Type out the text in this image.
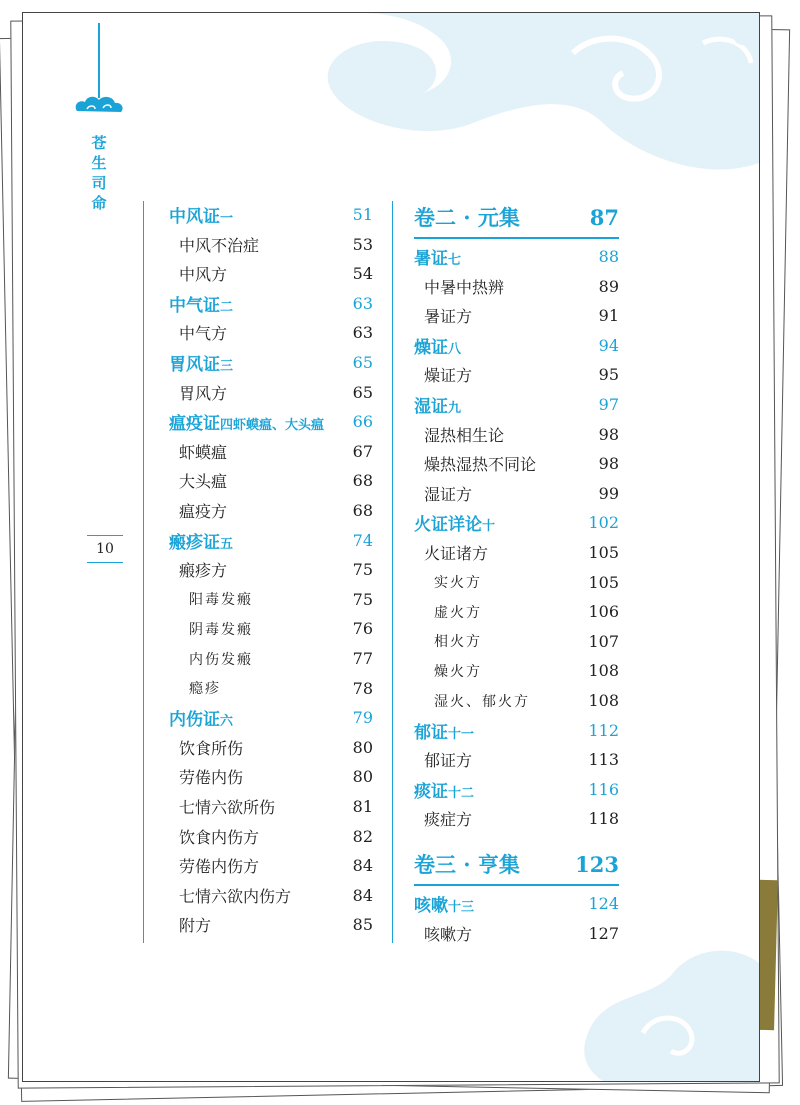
苍生司命
10
中风证一	51
中风不治症	53
中风方	54
中气证二	63
中气方	63
胃风证三	65
胃风方	65
瘟疫证四虾蟆瘟、大头瘟 66
虾蟆瘟	67
大头瘟	68
瘟疫方	68
瘢疹证五	74
瘢疹方	75
阳毒发瘢	75
阴毒发瘢	76
内伤发瘢	77
瘾疹	78
内伤证六	79
饮食所伤	80
劳倦内伤	80
七情六欲所伤	81
饮食内伤方	82
劳倦内伤方	84
七情六欲内伤方	84
附方	85
卷二 · 元集	87
暑证七	88
中暑中热辨	89
暑证方	91
燥证八	94
燥证方	95
湿证九	97
湿热相生论	98
燥热湿热不同论	98
湿证方	99
火证详论十	102
火证诸方	105
实火方	105
虚火方	106
相火方	107
燥火方	108
湿火、郁火方	108
郁证十一	112
郁证方	113
痰证十二	116
痰症方	118
卷三 · 亨集	123
咳嗽十三	124
咳嗽方	127
